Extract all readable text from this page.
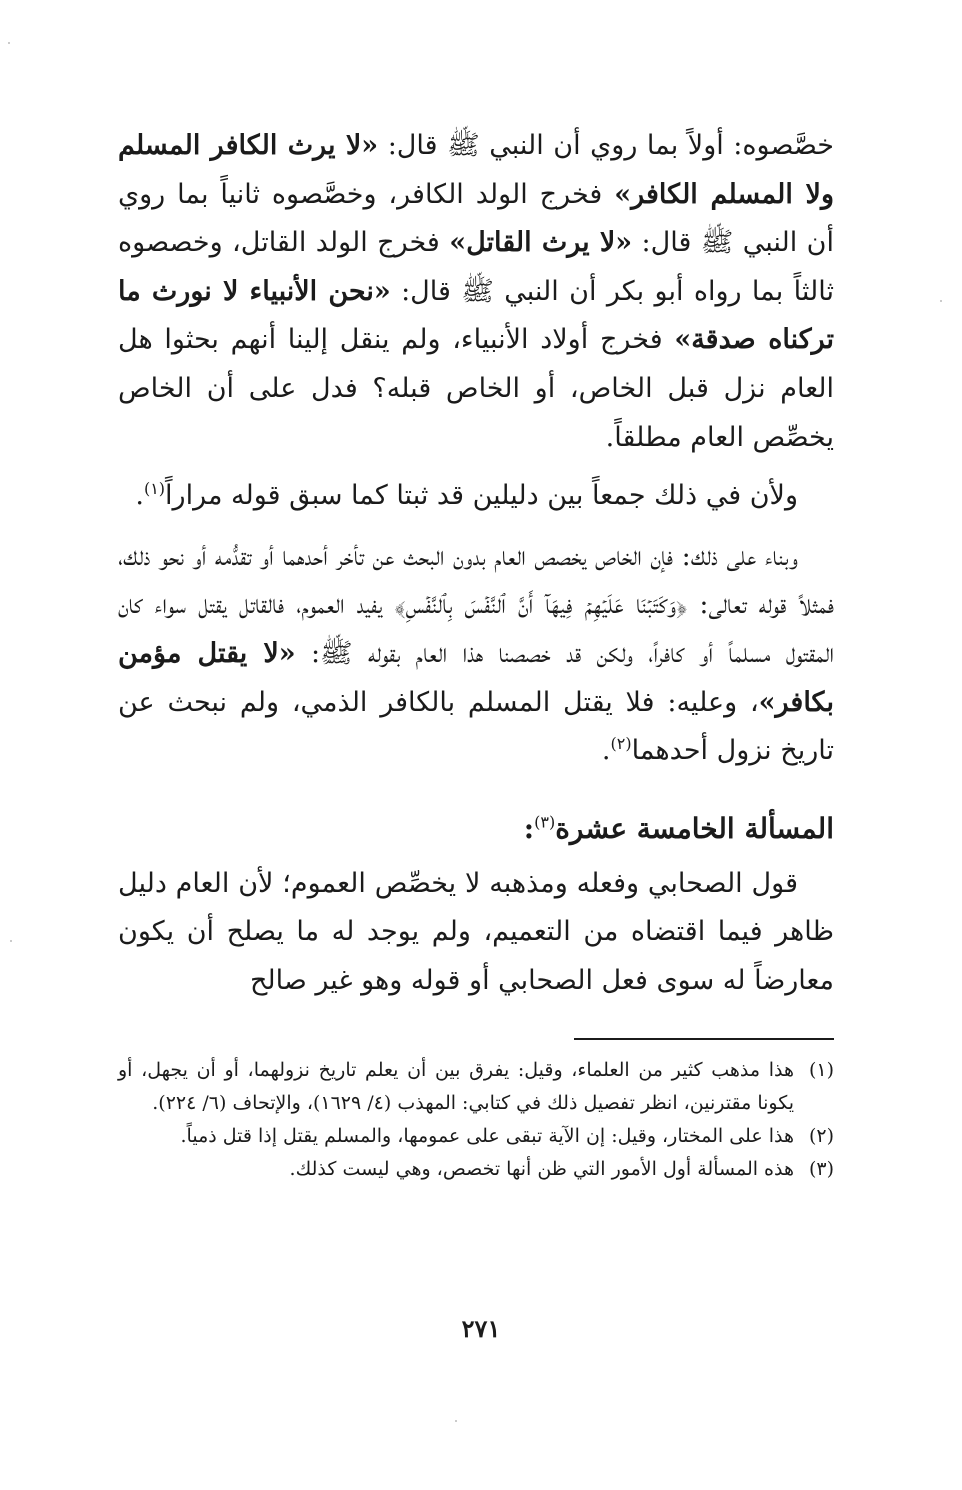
خصَّصوه: أولاً بما روي أن النبي ﷺ قال: «لا يرث الكافر المسلم ولا المسلم الكافر» فخرج الولد الكافر، وخصَّصوه ثانياً بما روي أن النبي ﷺ قال: «لا يرث القاتل» فخرج الولد القاتل، وخصصوه ثالثاً بما رواه أبو بكر أن النبي ﷺ قال: «نحن الأنبياء لا نورث ما تركناه صدقة» فخرج أولاد الأنبياء، ولم ينقل إلينا أنهم بحثوا هل العام نزل قبل الخاص، أو الخاص قبله؟ فدل على أن الخاص يخصِّص العام مطلقاً.

ولأن في ذلك جمعاً بين دليلين قد ثبتا كما سبق قوله مراراً$^{(١)}$.

وبناء على ذلك: فإن الخاص يخصص العام بدون البحث عن تأخر أحدهما أو تقدُّمه أو نحو ذلك، فمثلاً قوله تعالى: ﴿وَكَتَبۡنَا عَلَيۡهِمۡ فِيهَآ أَنَّ ٱلنَّفۡسَ بِٱلنَّفۡسِ﴾ يفيد العموم، فالقاتل يقتل سواء كان المقتول مسلماً أو كافراً، ولكن قد خصصنا هذا العام بقوله ﷺ: «لا يقتل مؤمن بكافر»، وعليه: فلا يقتل المسلم بالكافر الذمي، ولم نبحث عن تاريخ نزول أحدهما$^{(٢)}$.

المسألة الخامسة عشرة$^{(٣)}$:

قول الصحابي وفعله ومذهبه لا يخصِّص العموم؛ لأن العام دليل ظاهر فيما اقتضاه من التعميم، ولم يوجد له ما يصلح أن يكون معارضاً له سوى فعل الصحابي أو قوله وهو غير صالح

(١)
هذا مذهب كثير من العلماء، وقيل: يفرق بين أن يعلم تاريخ نزولهما، أو أن يجهل، أو يكونا مقترنين، انظر تفصيل ذلك في كتابي: المهذب (٤/ ١٦٢٩)، والإتحاف (٦/ ٢٢٤).
(٢)
هذا على المختار، وقيل: إن الآية تبقى على عمومها، والمسلم يقتل إذا قتل ذمياً.
(٣)
هذه المسألة أول الأمور التي ظن أنها تخصص، وهي ليست كذلك.
٢٧١
